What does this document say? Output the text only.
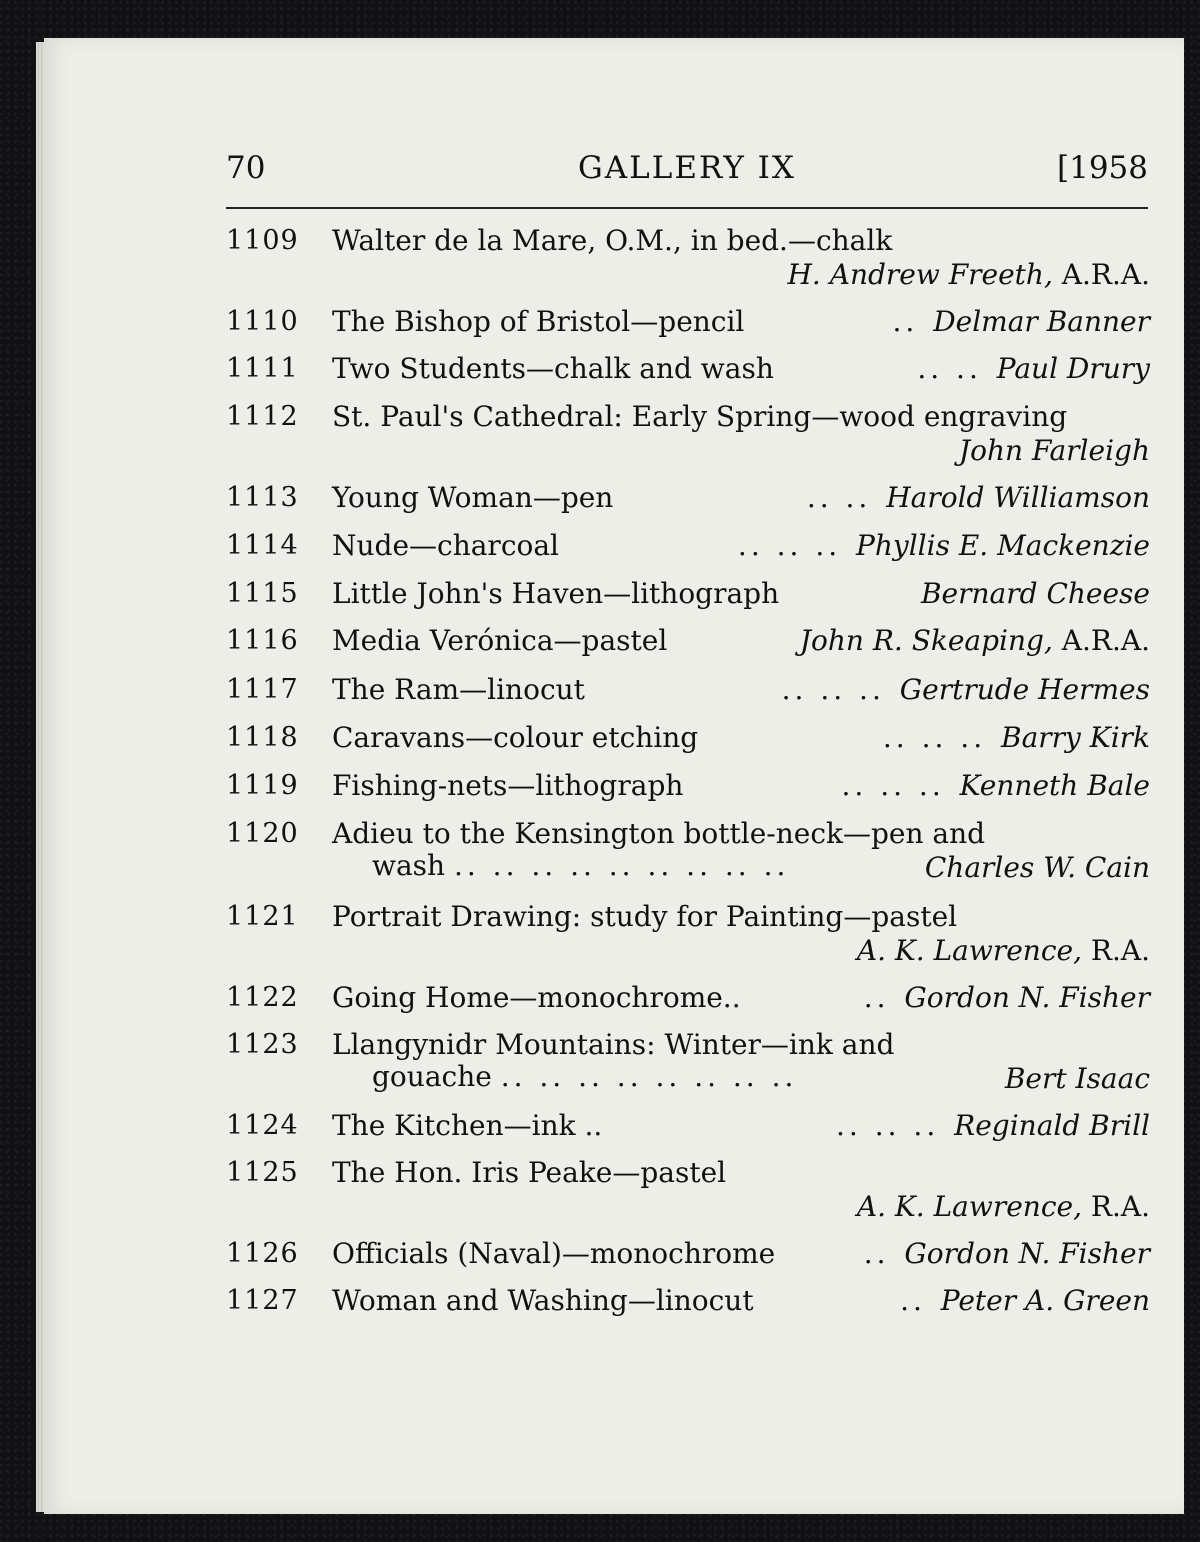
70	GALLERY IX	[1958
1109 Walter de la Mare, O.M., in bed.—chalk
H. Andrew Freeth, A.R.A.
1110 The Bishop of Bristol—pencil	.. Delmar Banner
1111 Two Students—chalk and wash	.. .. Paul Drury
1112 St. Paul's Cathedral: Early Spring—wood engraving
John Farleigh
1113 Young Woman—pen	.. .. Harold Williamson
1114 Nude—charcoal	.. .. .. Phyllis E. Mackenzie
1115 Little John's Haven—lithograph	Bernard Cheese
1116 Media Verónica—pastel	John R. Skeaping, A.R.A.
1117 The Ram—linocut	.. .. .. Gertrude Hermes
1118 Caravans—colour etching	.. .. .. Barry Kirk
1119 Fishing-nets—lithograph	.. .. .. Kenneth Bale
1120 Adieu to the Kensington bottle-neck—pen and
wash .. .. .. .. .. .. .. .. ..	Charles W. Cain
1121 Portrait Drawing: study for Painting—pastel
A. K. Lawrence, R.A.
1122 Going Home—monochrome..	.. Gordon N. Fisher
1123 Llangynidr Mountains: Winter—ink and
gouache .. .. .. .. .. .. .. ..	Bert Isaac
1124 The Kitchen—ink ..	.. .. .. Reginald Brill
1125 The Hon. Iris Peake—pastel
A. K. Lawrence, R.A.
1126 Officials (Naval)—monochrome	.. Gordon N. Fisher
1127 Woman and Washing—linocut	.. Peter A. Green
